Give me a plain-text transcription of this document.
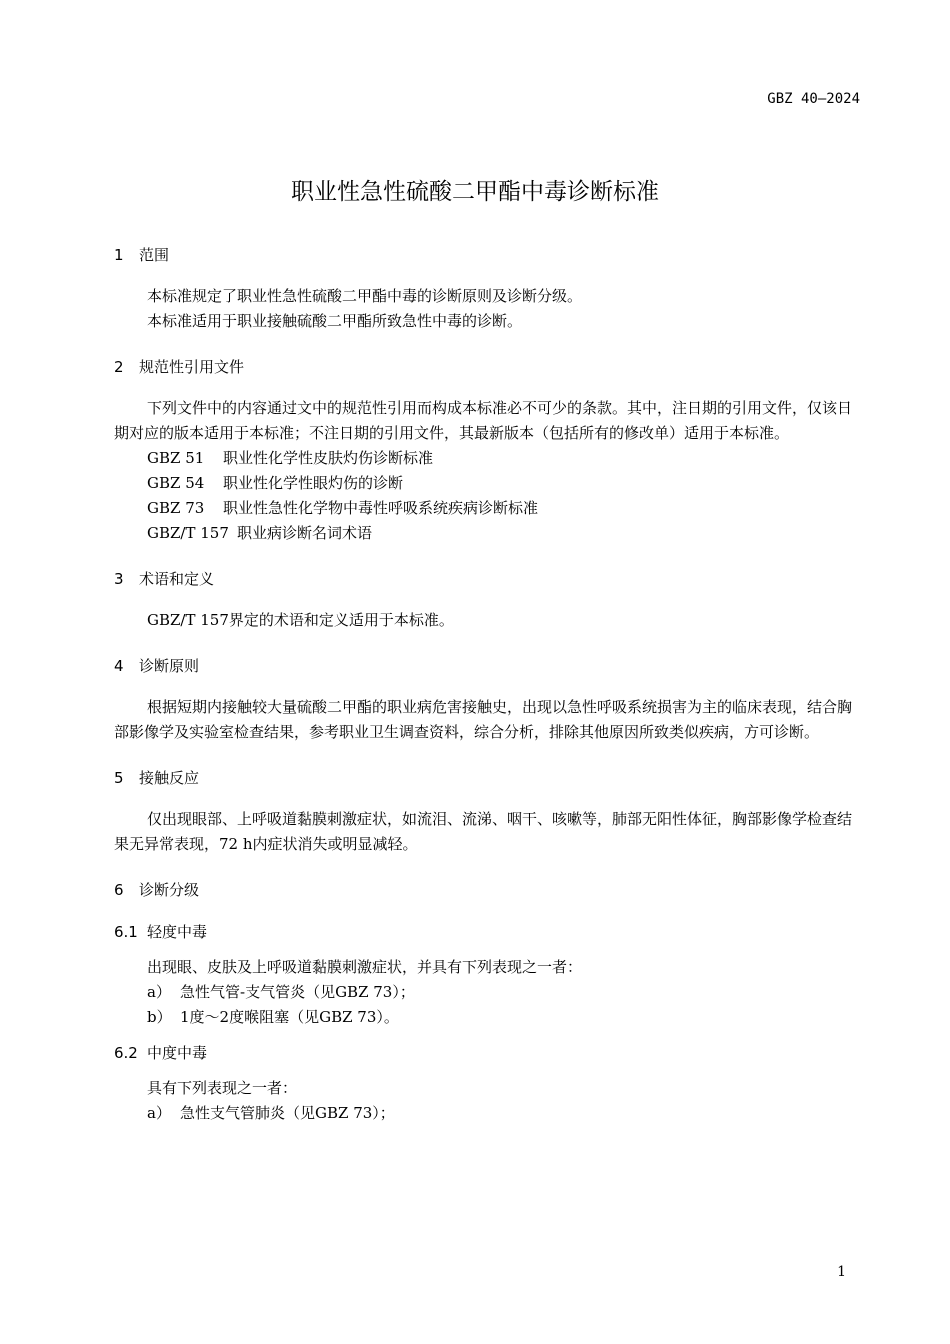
GBZ 40—2024
职业性急性硫酸二甲酯中毒诊断标准
1 范围

本标准规定了职业性急性硫酸二甲酯中毒的诊断原则及诊断分级。

本标准适用于职业接触硫酸二甲酯所致急性中毒的诊断。

2 规范性引用文件

下列文件中的内容通过文中的规范性引用而构成本标准必不可少的条款。其中，注日期的引用文件，仅该日期对应的版本适用于本标准；不注日期的引用文件，其最新版本（包括所有的修改单）适用于本标准。

GBZ 51 职业性化学性皮肤灼伤诊断标准
GBZ 54 职业性化学性眼灼伤的诊断
GBZ 73 职业性急性化学物中毒性呼吸系统疾病诊断标准
GBZ/T 157 职业病诊断名词术语
3 术语和定义

GBZ/T 157界定的术语和定义适用于本标准。

4 诊断原则

根据短期内接触较大量硫酸二甲酯的职业病危害接触史，出现以急性呼吸系统损害为主的临床表现，结合胸部影像学及实验室检查结果，参考职业卫生调查资料，综合分析，排除其他原因所致类似疾病，方可诊断。

5 接触反应

仅出现眼部、上呼吸道黏膜刺激症状，如流泪、流涕、咽干、咳嗽等，肺部无阳性体征，胸部影像学检查结果无异常表现，72 h内症状消失或明显减轻。

6 诊断分级
6.1 轻度中毒
出现眼、皮肤及上呼吸道黏膜刺激症状，并具有下列表现之一者：
a） 急性气管-支气管炎（见GBZ 73）；
b） 1度～2度喉阻塞（见GBZ 73）。
6.2 中度中毒
具有下列表现之一者：
a） 急性支气管肺炎（见GBZ 73）；
1
